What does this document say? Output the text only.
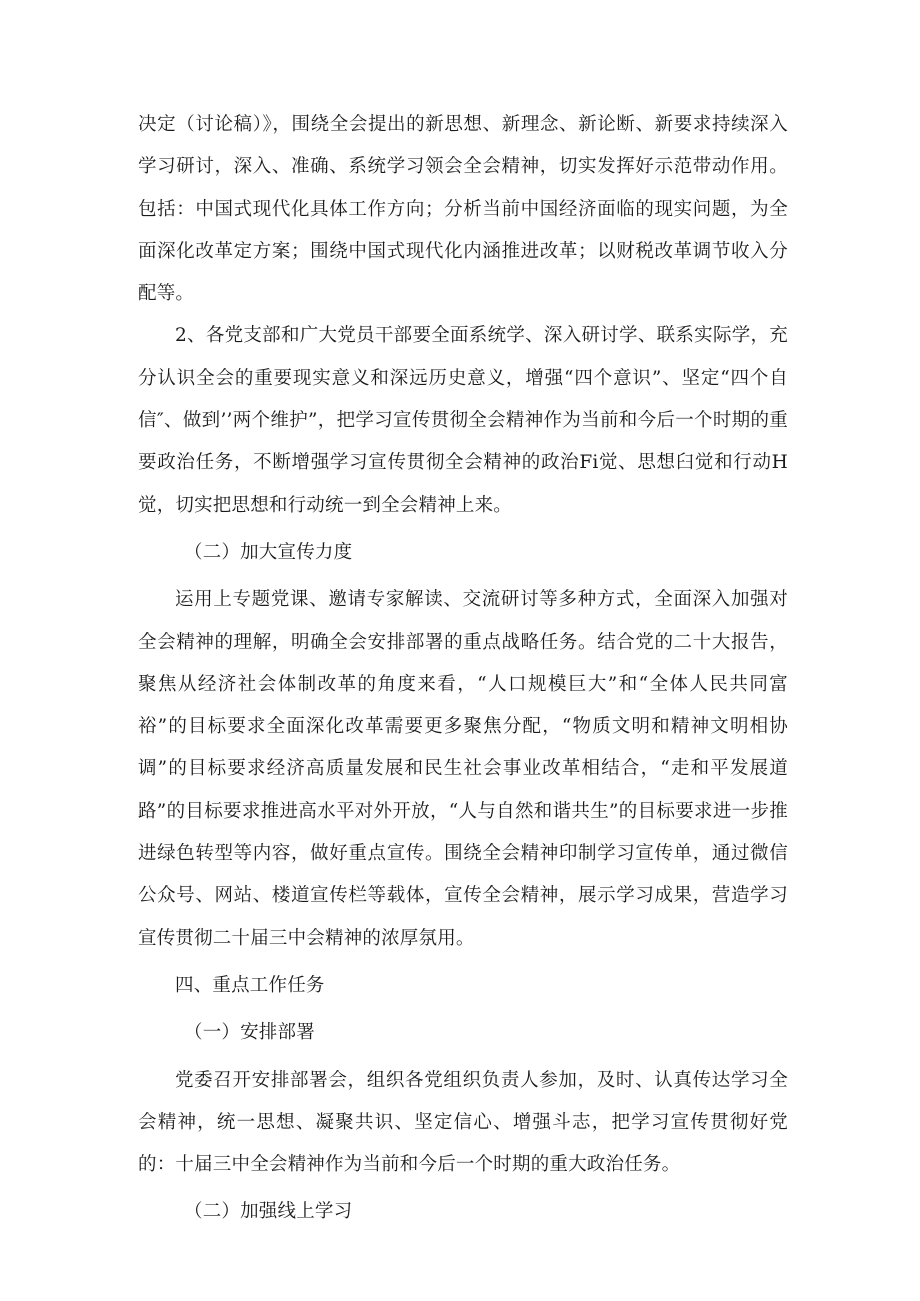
决定（讨论稿）》，围绕全会提出的新思想、新理念、新论断、新要求持续深入学习研讨，深入、准确、系统学习领会全会精神，切实发挥好示范带动作用。包括：中国式现代化具体工作方向；分析当前中国经济面临的现实问题，为全面深化改革定方案；围绕中国式现代化内涵推进改革；以财税改革调节收入分配等。

2、各党支部和广大党员干部要全面系统学、深入研讨学、联系实际学，充分认识全会的重要现实意义和深远历史意义，增强“四个意识”、坚定“四个自信″、做到’’两个维护”，把学习宣传贯彻全会精神作为当前和今后一个时期的重要政治任务，不断增强学习宣传贯彻全会精神的政治Fi觉、思想臼觉和行动H觉，切实把思想和行动统一到全会精神上来。

（二）加大宣传力度

运用上专题党课、邀请专家解读、交流研讨等多种方式，全面深入加强对全会精神的理解，明确全会安排部署的重点战略任务。结合党的二十大报告，聚焦从经济社会体制改革的角度来看，“人口规模巨大”和“全体人民共同富裕”的目标要求全面深化改革需要更多聚焦分配，“物质文明和精神文明相协调”的目标要求经济高质量发展和民生社会事业改革相结合，“走和平发展道路”的目标要求推进高水平对外开放，“人与自然和谐共生”的目标要求进一步推进绿色转型等内容，做好重点宣传。围绕全会精神印制学习宣传单，通过微信公众号、网站、楼道宣传栏等载体，宣传全会精神，展示学习成果，营造学习宣传贯彻二十届三中会精神的浓厚氛用。

四、重点工作任务

（一）安排部署

党委召开安排部署会，组织各党组织负责人参加，及时、认真传达学习全会精神，统一思想、凝聚共识、坚定信心、增强斗志，把学习宣传贯彻好党的：十届三中全会精神作为当前和今后一个时期的重大政治任务。

（二）加强线上学习
